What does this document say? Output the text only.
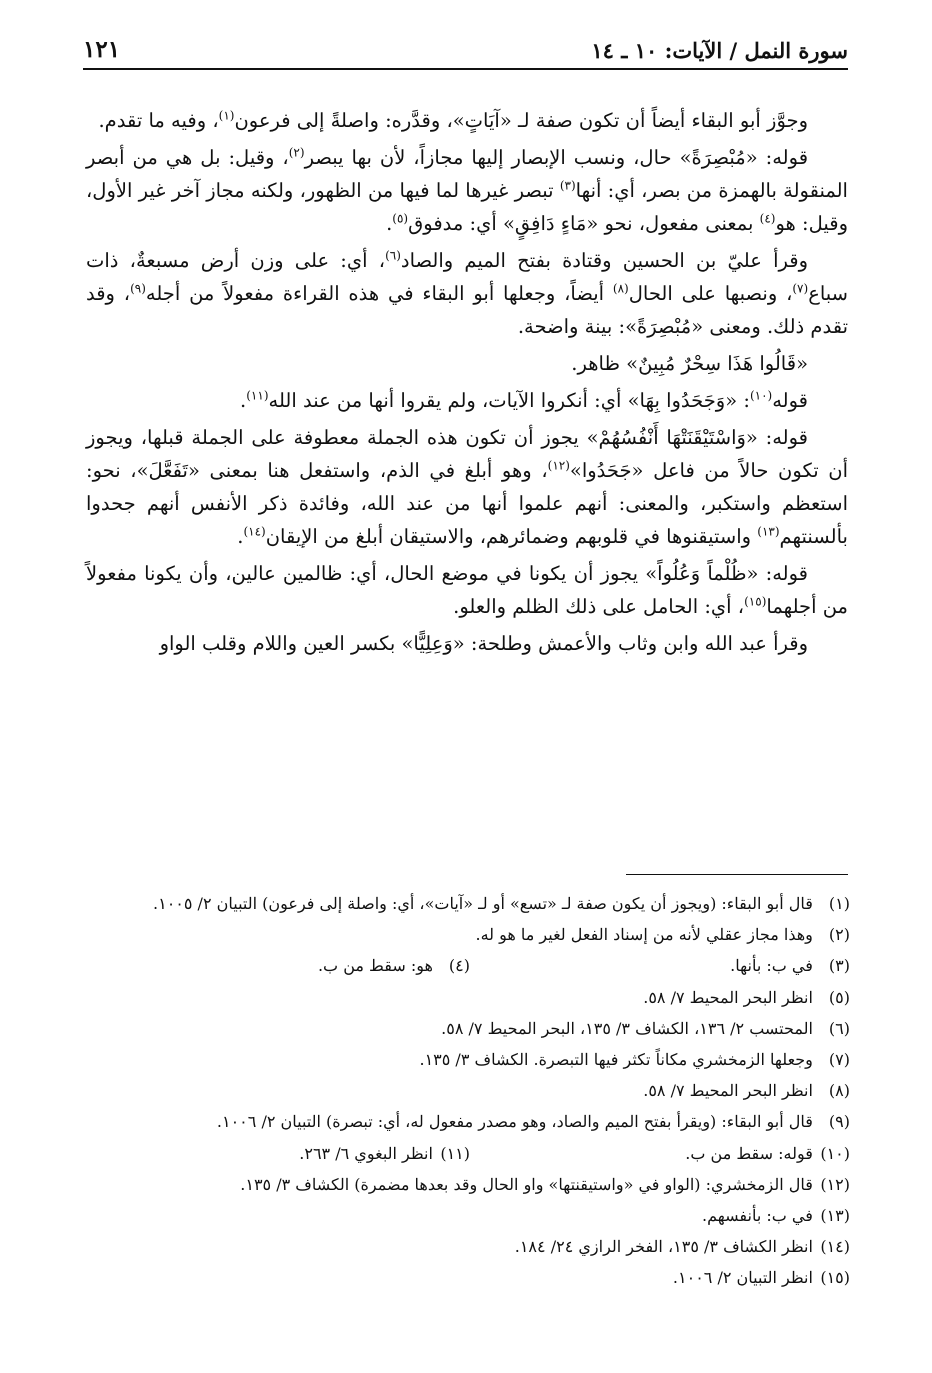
سورة النمل / الآيات: ١٠ ـ ١٤
١٢١

وجوَّز أبو البقاء أيضاً أن تكون صفة لـ «آيَاتٍ»، وقدَّره: واصلةً إلى فرعون$^{(١)}$، وفيه ما تقدم.

قوله: «مُبْصِرَةً» حال، ونسب الإبصار إليها مجازاً، لأن بها يبصر$^{(٢)}$، وقيل: بل هي من أبصر المنقولة بالهمزة من بصر، أي: أنها$^{(٣)}$ تبصر غيرها لما فيها من الظهور، ولكنه مجاز آخر غير الأول، وقيل: هو$^{(٤)}$ بمعنى مفعول، نحو «مَاءٍ دَافِقٍ» أي: مدفوق$^{(٥)}$.

وقرأ عليّ بن الحسين وقتادة بفتح الميم والصاد$^{(٦)}$، أي: على وزن أرض مسبعةٌ، ذات سباع$^{(٧)}$، ونصبها على الحال$^{(٨)}$ أيضاً، وجعلها أبو البقاء في هذه القراءة مفعولاً من أجله$^{(٩)}$، وقد تقدم ذلك. ومعنى «مُبْصِرَةً»: بينة واضحة.

«قَالُوا هَذَا سِحْرٌ مُبِينٌ» ظاهر.

قوله$^{(١٠)}$: «وَجَحَدُوا بِهَا» أي: أنكروا الآيات، ولم يقروا أنها من عند الله$^{(١١)}$.

قوله: «وَاسْتَيْقَنَتْهَا أَنْفُسُهُمْ» يجوز أن تكون هذه الجملة معطوفة على الجملة قبلها، ويجوز أن تكون حالاً من فاعل «جَحَدُوا»$^{(١٢)}$، وهو أبلغ في الذم، واستفعل هنا بمعنى «تَفَعَّلَ»، نحو: استعظم واستكبر، والمعنى: أنهم علموا أنها من عند الله، وفائدة ذكر الأنفس أنهم جحدوا بألسنتهم$^{(١٣)}$ واستيقنوها في قلوبهم وضمائرهم، والاستيقان أبلغ من الإيقان$^{(١٤)}$.

قوله: «ظُلْماً وَعُلُواً» يجوز أن يكونا في موضع الحال، أي: ظالمين عالين، وأن يكونا مفعولاً من أجلهما$^{(١٥)}$، أي: الحامل على ذلك الظلم والعلو.

وقرأ عبد الله وابن وثاب والأعمش وطلحة: «وَعِلِيًّا» بكسر العين واللام وقلب الواو

(١) قال أبو البقاء: (ويجوز أن يكون صفة لـ «تسع» أو لـ «آيات»، أي: واصلة إلى فرعون) التبيان ٢/ ١٠٠٥.
(٢) وهذا مجاز عقلي لأنه من إسناد الفعل لغير ما هو له.
(٣) في ب: بأنها.
(٤) هو: سقط من ب.
(٥) انظر البحر المحيط ٧/ ٥٨.
(٦) المحتسب ٢/ ١٣٦، الكشاف ٣/ ١٣٥، البحر المحيط ٧/ ٥٨.
(٧) وجعلها الزمخشري مكاناً تكثر فيها التبصرة. الكشاف ٣/ ١٣٥.
(٨) انظر البحر المحيط ٧/ ٥٨.
(٩) قال أبو البقاء: (ويقرأ بفتح الميم والصاد، وهو مصدر مفعول له، أي: تبصرة) التبيان ٢/ ١٠٠٦.
(١٠) قوله: سقط من ب.
(١١) انظر البغوي ٦/ ٢٦٣.
(١٢) قال الزمخشري: (الواو في «واستيقنتها» واو الحال وقد بعدها مضمرة) الكشاف ٣/ ١٣٥.
(١٣) في ب: بأنفسهم.
(١٤) انظر الكشاف ٣/ ١٣٥، الفخر الرازي ٢٤/ ١٨٤.
(١٥) انظر التبيان ٢/ ١٠٠٦.
